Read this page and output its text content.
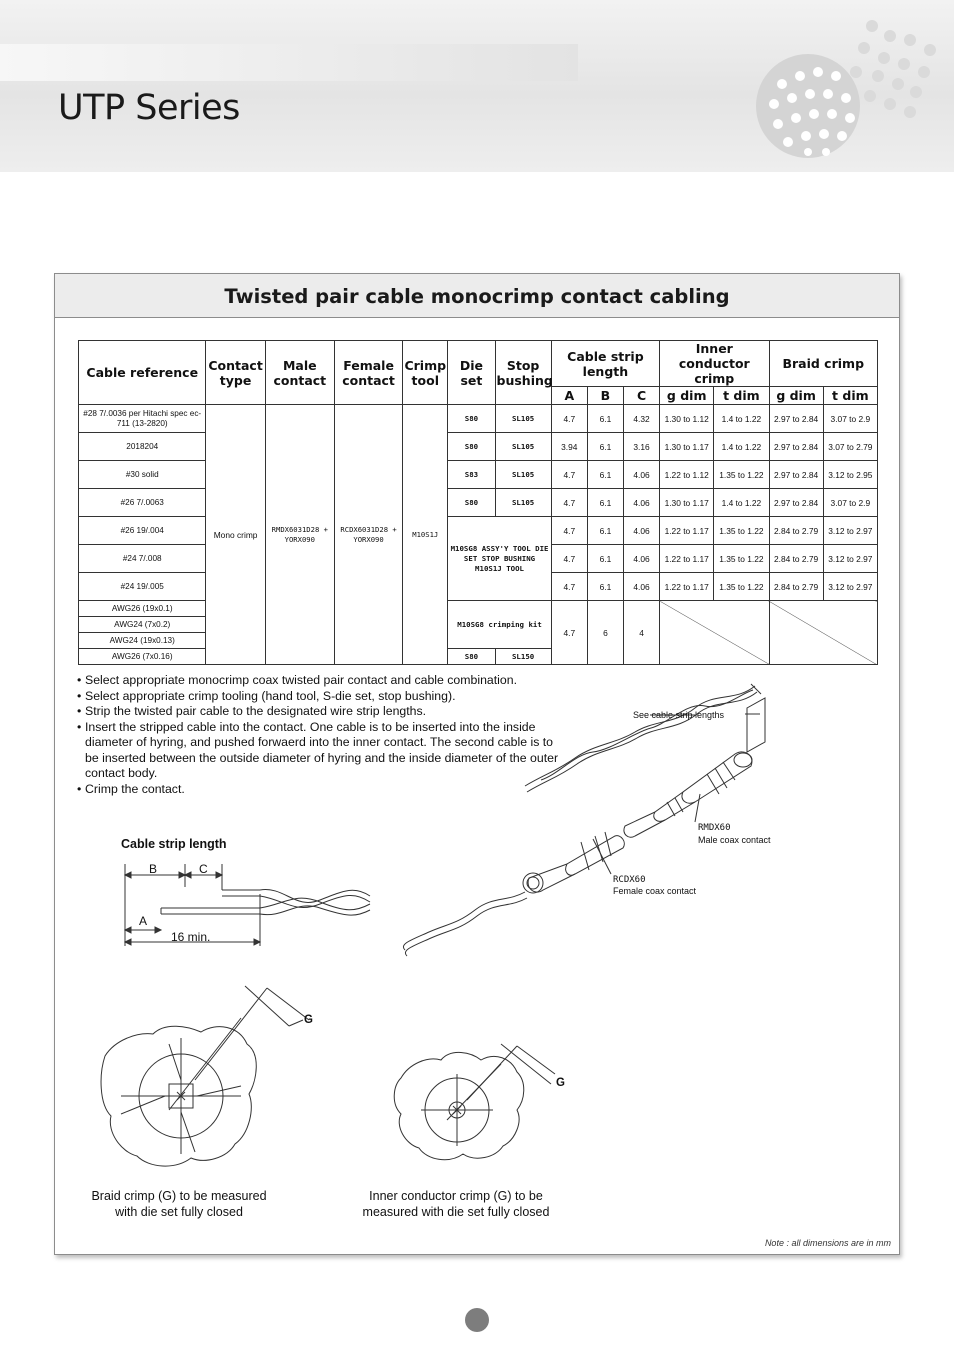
UTP Series
Twisted pair cable monocrimp contact cabling
Cable reference	Contact type	Male contact	Female contact	Crimp tool	Die set	Stop bushing	Cable strip length			Inner conductor crimp		Braid crimp	
							A	B	C	g dim	t dim	g dim	t dim
#28 7/.0036 per Hitachi spec ec-711 (13-2820)	Mono crimp	RMDX6031D28 + YORX090	RCDX6031D28 + YORX090	M10S1J	S80	SL105	4.7	6.1	4.32	1.30 to 1.12	1.4 to 1.22	2.97 to 2.84	3.07 to 2.9
2018204					S80	SL105	3.94	6.1	3.16	1.30 to 1.17	1.4 to 1.22	2.97 to 2.84	3.07 to 2.79
#30 solid					S83	SL105	4.7	6.1	4.06	1.22 to 1.12	1.35 to 1.22	2.97 to 2.84	3.12 to 2.95
#26 7/.0063					S80	SL105	4.7	6.1	4.06	1.30 to 1.17	1.4 to 1.22	2.97 to 2.84	3.07 to 2.9
#26 19/.004					M10SG8 ASSY'Y TOOL DIE SET STOP BUSHING M10S1J TOOL		4.7	6.1	4.06	1.22 to 1.17	1.35 to 1.22	2.84 to 2.79	3.12 to 2.97
#24 7/.008							4.7	6.1	4.06	1.22 to 1.17	1.35 to 1.22	2.84 to 2.79	3.12 to 2.97
#24 19/.005							4.7	6.1	4.06	1.22 to 1.17	1.35 to 1.22	2.84 to 2.79	3.12 to 2.97
AWG26 (19x0.1)					M10SG8 crimping kit		4.7	6	4				
AWG24 (7x0.2)													
AWG24 (19x0.13)													
AWG26 (7x0.16)					S80	SL150							
• Select appropriate monocrimp coax twisted pair contact and cable combination.
• Select appropriate crimp tooling (hand tool, S-die set, stop bushing).
• Strip the twisted pair cable to the designated wire strip lengths.
• Insert the stripped cable into the contact. One cable is to be inserted into the inside diameter of hyring, and pushed forwaerd into the inner contact. The second cable is to be inserted between the outside diameter of hyring and the inside diameter of the outer contact body.
• Crimp the contact.
Cable strip length
B	C
A
16 min.
See cable strip lengths
RMDX60
Male coax contact
RCDX60
Female coax contact
G
G
Braid crimp (G) to be measured with die set fully closed
Inner conductor crimp (G) to be measured with die set fully closed
Note : all dimensions are in mm
